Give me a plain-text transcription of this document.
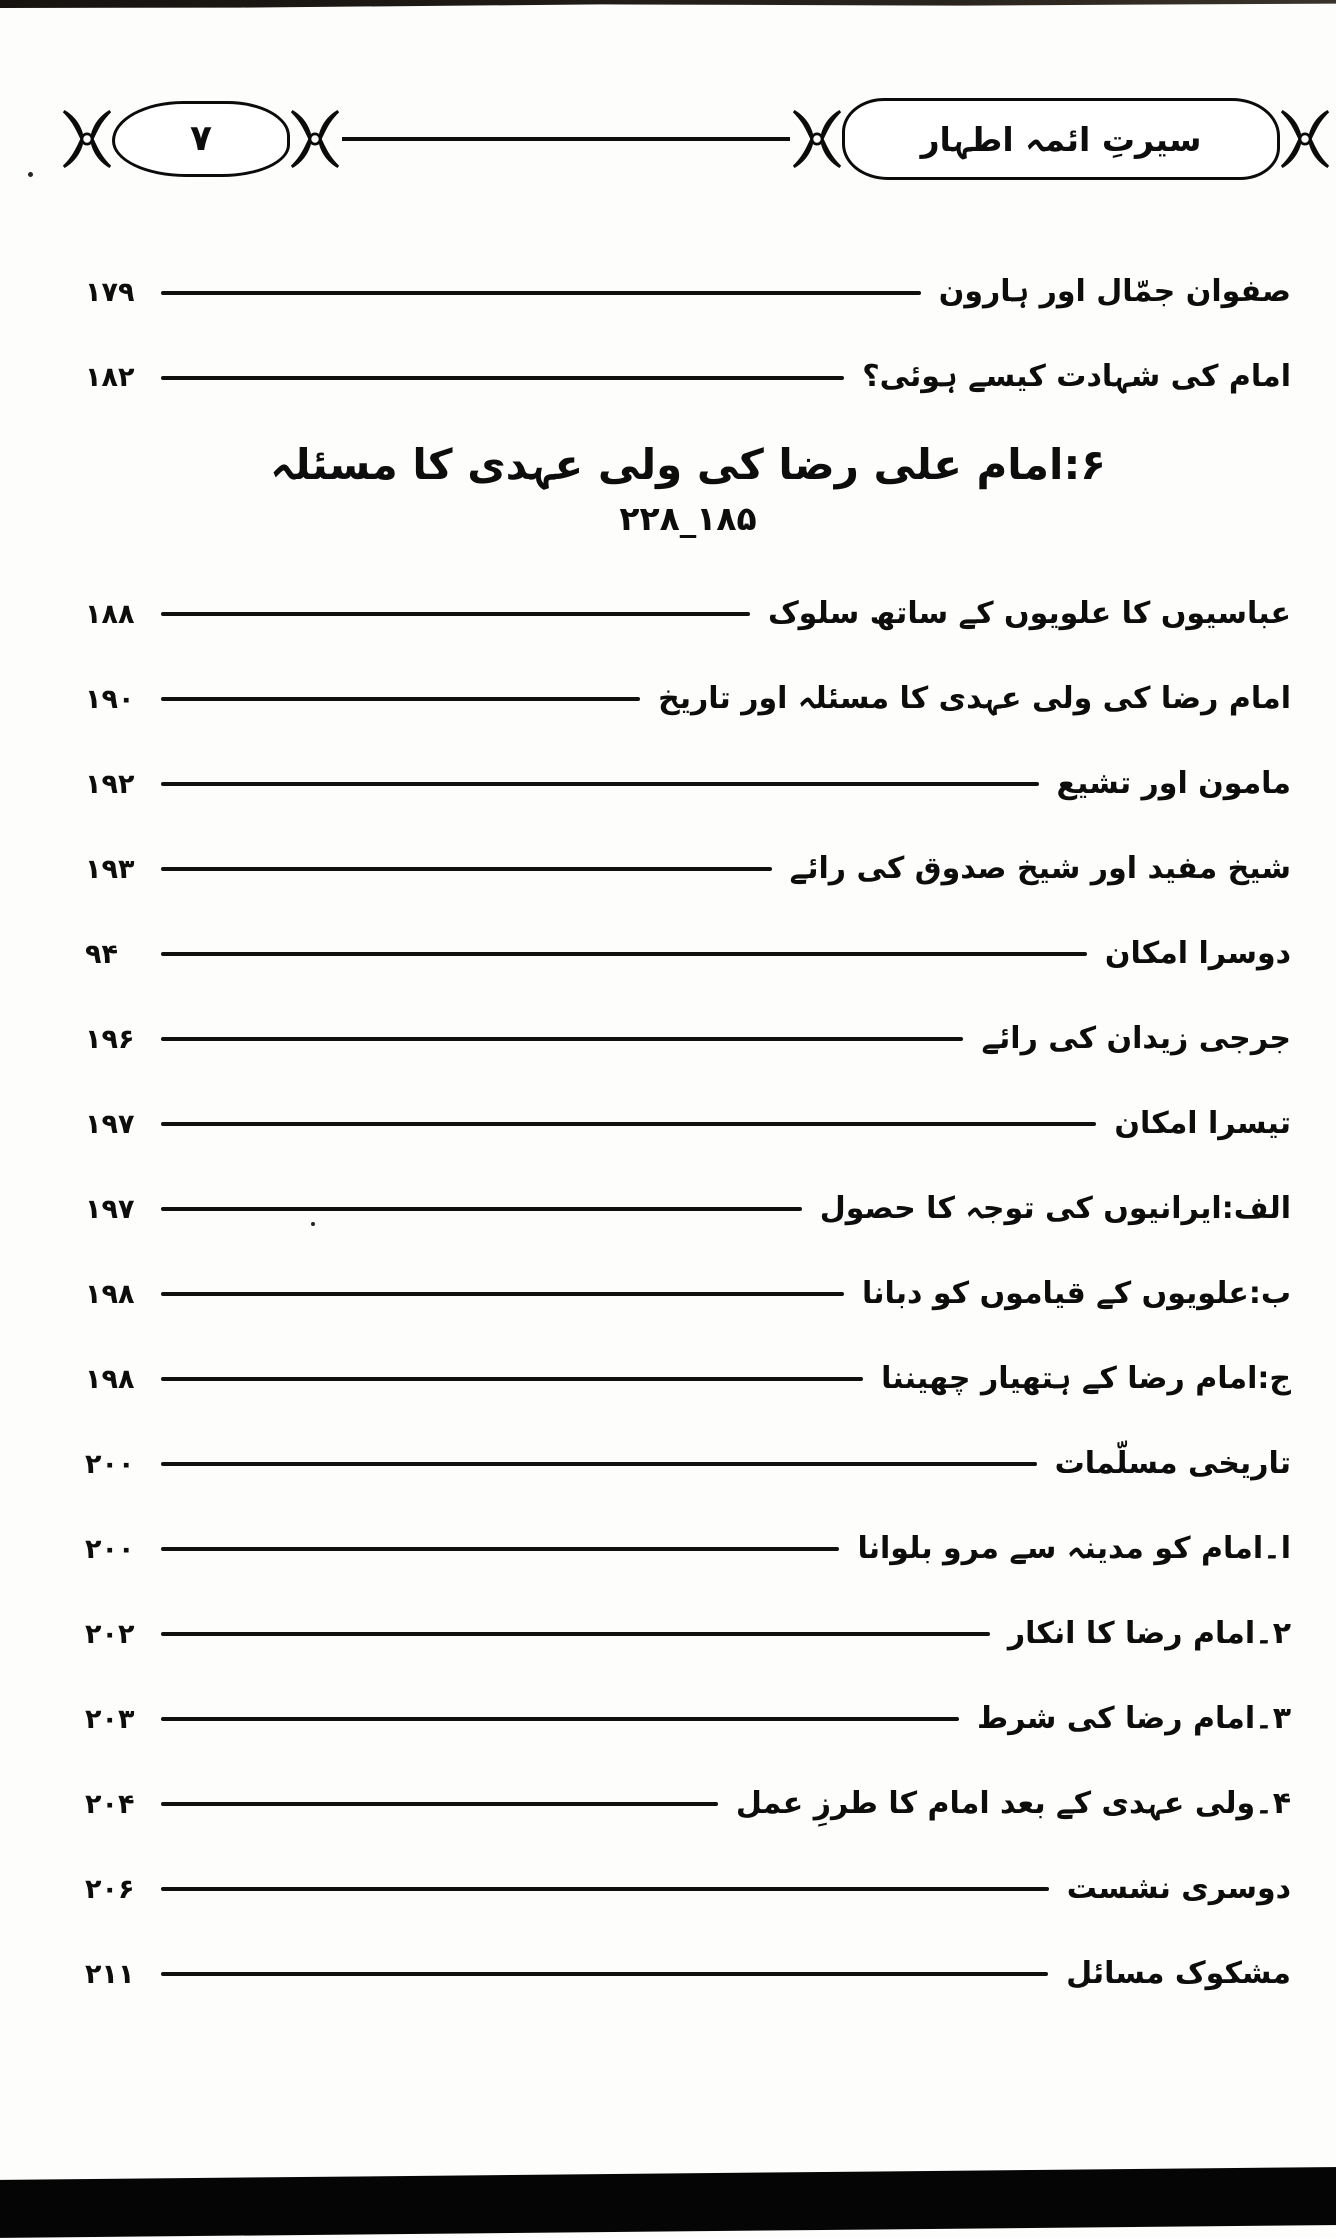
۷	سیرتِ ائمہ اطہار
صفوان جمّال اور ہارون
۱۷۹
امام کی شہادت کیسے ہوئی؟
۱۸۲
۶:امام علی رضا کی ولی عہدی کا مسئلہ
۲۲۸_۱۸۵
عباسیوں کا علویوں کے ساتھ سلوک
۱۸۸
امام رضا کی ولی عہدی کا مسئلہ اور تاریخ
۱۹۰
مامون اور تشیع
۱۹۲
شیخ مفید اور شیخ صدوق کی رائے
۱۹۳
دوسرا امکان
۹۴
جرجی زیدان کی رائے
۱۹۶
تیسرا امکان
۱۹۷
الف:ایرانیوں کی توجہ کا حصول
۱۹۷
ب:علویوں کے قیاموں کو دبانا
۱۹۸
ج:امام رضا کے ہتھیار چھیننا
۱۹۸
تاریخی مسلّمات
۲۰۰
ا۔امام کو مدینہ سے مرو بلوانا
۲۰۰
۲۔امام رضا کا انکار
۲۰۲
۳۔امام رضا کی شرط
۲۰۳
۴۔ولی عہدی کے بعد امام کا طرزِ عمل
۲۰۴
دوسری نشست
۲۰۶
مشکوک مسائل
۲۱۱
